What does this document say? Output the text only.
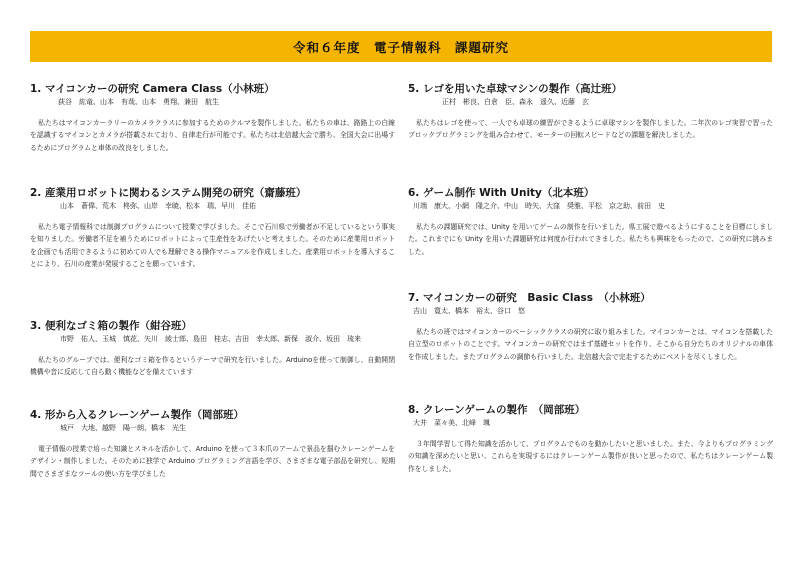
令和６年度　電子情報科　課題研究
1. マイコンカーの研究 Camera Class（小林班）
荻谷　紘竜、山本　有哉、山本　勇翔、兼田　航生
私たちはマイコンカーラリーのカメラクラスに参加するためのクルマを製作しました。私たちの車は、路路上の白線を認識するマイコンとカメラが搭載されており、自律走行が可能です。私たちは北信越大会で勝ち、全国大会に出場するためにプログラムと車体の改良をしました。
2. 産業用ロボットに関わるシステム開発の研究（齋藤班）
山本　蒼偉、荒木　柊弥、山岸　幸暁、松本　瑞、早川　佳佑
私たち電子情報科では制御プログラムについて授業で学びました。そこで石川県で労働者が不足しているという事実を知りました。労働者不足を補うためにロボットによって生産性をあげたいと考えました。そのために産業用ロボットを企画でも活用できるように初めての人でも理解できる操作マニュアルを作成しました。産業用ロボットを導入することにより、石川の産業が発展することを願っています。
3. 便利なゴミ箱の製作（紺谷班）
市野　佑人、玉城　慎花、矢川　綾士郎、島田　桂志、吉田　幸太郎、新保　淑介、坂田　琉来
私たちのグループでは、便利なゴミ箱を作るというテーマで研究を行いました。Arduinoを使って制御し、自動開閉機構や音に反応して自ら動く機能などを備えています
4. 形から入るクレーンゲーム製作（岡部班）
城戸　大地、越野　陽一朗、橋本　光生
電子情報の授業で培った知識とスキルを活かして、Arduino を使って３本爪のアームで景品を掴むクレーンゲームをデザイン・制作しました。そのために独学で Arduino プログラミング言語を学び、さまざまな電子部品を研究し、短期間でさまざまなツールの使い方を学びました
5. レゴを用いた卓球マシンの製作（高辻班）
正村　彬良、白倉　臣、森永　遥久、近藤　玄
私たちはレゴを使って、一人でも卓球の練習ができるように卓球マシンを製作しました。二年次のレゴ実習で習ったブロックプログラミングを組み合わせて、モーターの回転スピードなどの課題を解決しました。
6. ゲーム制作 With Unity（北本班）
川端　康大、小網　隆之介、中山　時矢、大窪　奨雅、平松　京之助、前田　史
私たちの課題研究では、Unity を用いてゲームの制作を行いました。県工展で遊べるようにすることを目標にしました。これまでにも Unity を用いた課題研究は何度か行われてきました。私たちも興味をもったので、この研究に挑みました。
7. マイコンカーの研究　Basic Class　（小林班）
吉山　寛太、橋本　裕太、谷口　悠
私たちの班ではマイコンカーのベーシッククラスの研究に取り組みました。マイコンカーとは、マイコンを搭載した自立型のロボットのことです。マイコンカーの研究ではまず基礎セットを作り、そこから自分たちのオリジナルの車体を作成しました。またプログラムの調節も行いました。北信越大会で完走するためにベストを尽くしました。
8. クレーンゲームの製作　（岡部班）
大井　菜々美、北峰　颯
３年間学習して得た知識を活かして、プログラムでものを動かしたいと思いました。また、今よりもプログラミングの知識を深めたいと思い、これらを実現するにはクレーンゲーム製作が良いと思ったので、私たちはクレーンゲーム製作をしました。
